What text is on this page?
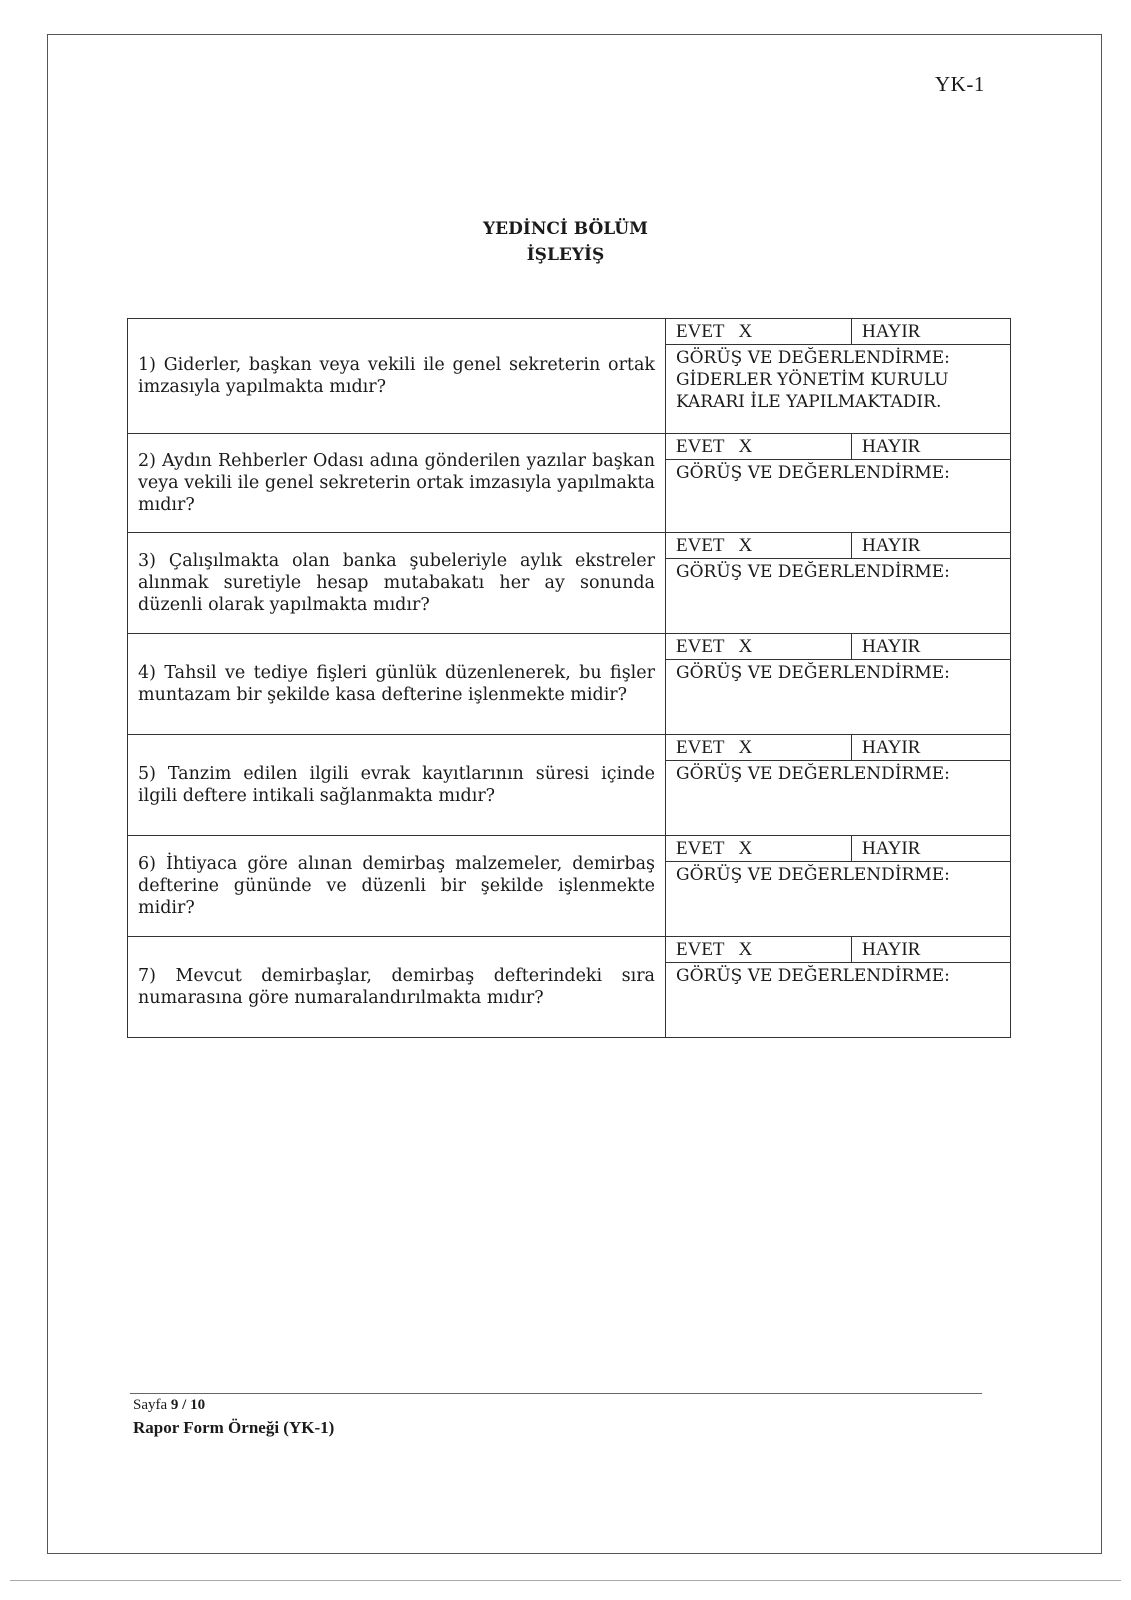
YK-1
YEDİNCİ BÖLÜM
İŞLEYİŞ
1) Giderler, başkan veya vekili ile genel sekreterin ortak imzasıyla yapılmakta mıdır?	EVET X HAYIR
GÖRÜŞ VE DEĞERLENDİRME:
GİDERLER YÖNETİM KURULU KARARI İLE YAPILMAKTADIR.

2) Aydın Rehberler Odası adına gönderilen yazılar başkan veya vekili ile genel sekreterin ortak imzasıyla yapılmakta mıdır?	EVET X HAYIR
GÖRÜŞ VE DEĞERLENDİRME:

3) Çalışılmakta olan banka şubeleriyle aylık ekstreler alınmak suretiyle hesap mutabakatı her ay sonunda düzenli olarak yapılmakta mıdır?	EVET X HAYIR
GÖRÜŞ VE DEĞERLENDİRME:

4) Tahsil ve tediye fişleri günlük düzenlenerek, bu fişler muntazam bir şekilde kasa defterine işlenmekte midir?	EVET X HAYIR
GÖRÜŞ VE DEĞERLENDİRME:

5) Tanzim edilen ilgili evrak kayıtlarının süresi içinde ilgili deftere intikali sağlanmakta mıdır?	EVET X HAYIR
GÖRÜŞ VE DEĞERLENDİRME:

6) İhtiyaca göre alınan demirbaş malzemeler, demirbaş defterine gününde ve düzenli bir şekilde işlenmekte midir?	EVET X HAYIR
GÖRÜŞ VE DEĞERLENDİRME:

7) Mevcut demirbaşlar, demirbaş defterindeki sıra numarasına göre numaralandırılmakta mıdır?	EVET X HAYIR
GÖRÜŞ VE DEĞERLENDİRME:
Sayfa 9 / 10
Rapor Form Örneği (YK-1)
